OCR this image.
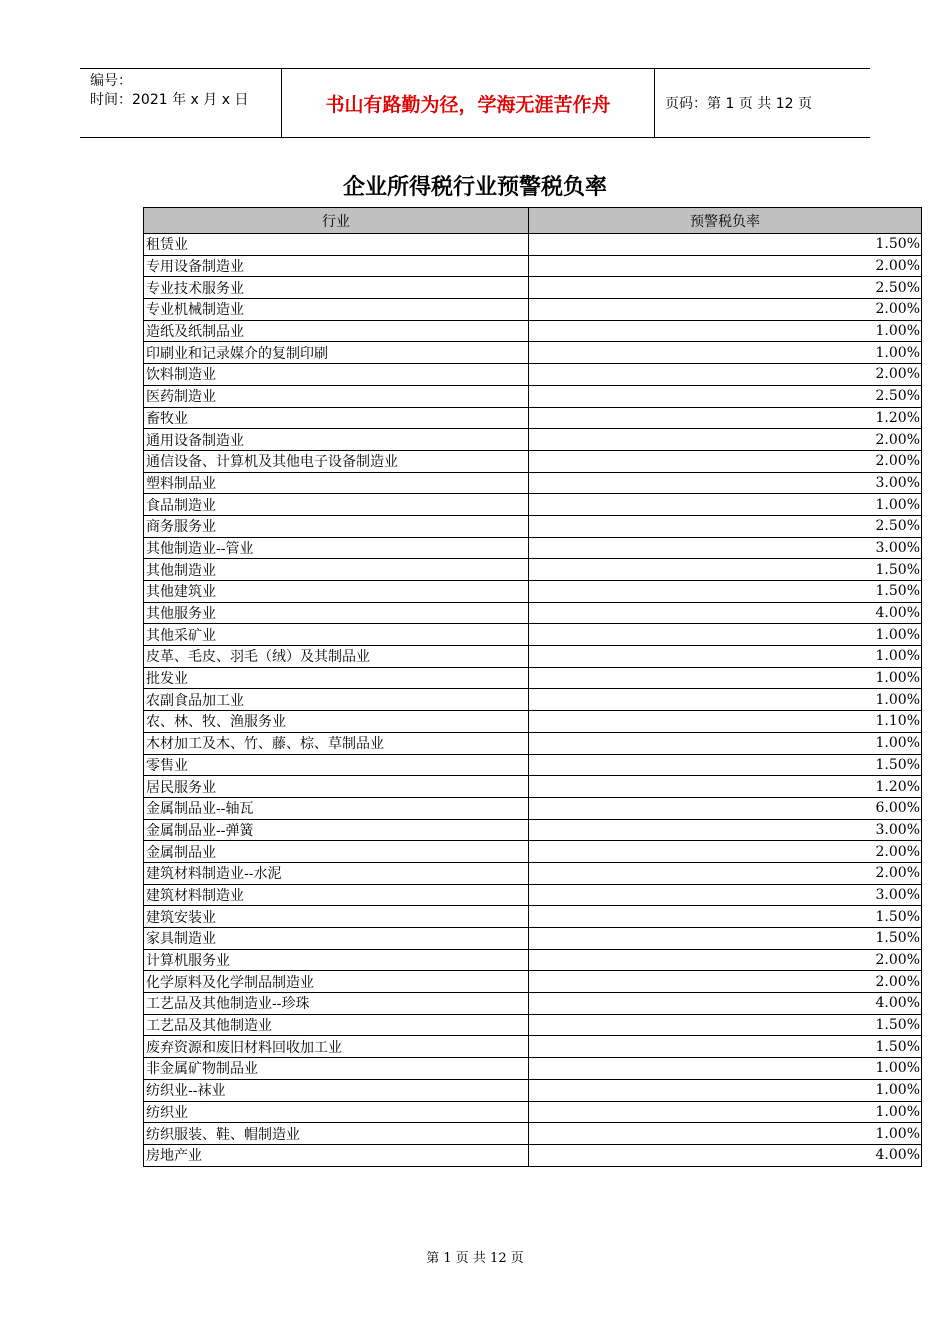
编号：
时间：2021 年 x 月 x 日	书山有路勤为径，学海无涯苦作舟	页码：第 1 页 共 12 页
企业所得税行业预警税负率
行业	预警税负率
租赁业	1.50%
专用设备制造业	2.00%
专业技术服务业	2.50%
专业机械制造业	2.00%
造纸及纸制品业	1.00%
印刷业和记录媒介的复制印刷	1.00%
饮料制造业	2.00%
医药制造业	2.50%
畜牧业	1.20%
通用设备制造业	2.00%
通信设备、计算机及其他电子设备制造业	2.00%
塑料制品业	3.00%
食品制造业	1.00%
商务服务业	2.50%
其他制造业--管业	3.00%
其他制造业	1.50%
其他建筑业	1.50%
其他服务业	4.00%
其他采矿业	1.00%
皮革、毛皮、羽毛（绒）及其制品业	1.00%
批发业	1.00%
农副食品加工业	1.00%
农、林、牧、渔服务业	1.10%
木材加工及木、竹、藤、棕、草制品业	1.00%
零售业	1.50%
居民服务业	1.20%
金属制品业--轴瓦	6.00%
金属制品业--弹簧	3.00%
金属制品业	2.00%
建筑材料制造业--水泥	2.00%
建筑材料制造业	3.00%
建筑安装业	1.50%
家具制造业	1.50%
计算机服务业	2.00%
化学原料及化学制品制造业	2.00%
工艺品及其他制造业--珍珠	4.00%
工艺品及其他制造业	1.50%
废弃资源和废旧材料回收加工业	1.50%
非金属矿物制品业	1.00%
纺织业--袜业	1.00%
纺织业	1.00%
纺织服装、鞋、帽制造业	1.00%
房地产业	4.00%
第 1 页 共 12 页
